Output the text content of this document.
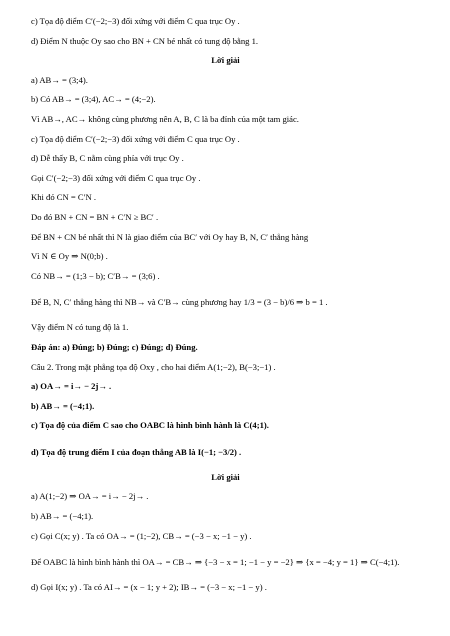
c) Tọa độ điểm C′(−2;−3) đối xứng với điểm C qua trục Oy .
d) Điểm N thuộc Oy sao cho BN + CN bé nhất có tung độ bằng 1.
Lời giải
a) AB→ = (3;4).
b) Có AB→ = (3;4), AC→ = (4;−2).
Vì AB→, AC→ không cùng phương nên A, B, C là ba đỉnh của một tam giác.
c) Tọa độ điểm C′(−2;−3) đối xứng với điểm C qua trục Oy .
d) Dễ thấy B, C nằm cùng phía với trục Oy .
Gọi C′(−2;−3) đối xứng với điểm C qua trục Oy .
Khi đó CN = C′N .
Do đó BN + CN = BN + C′N ≥ BC′ .
Để BN + CN bé nhất thì N là giao điểm của BC′ với Oy hay B, N, C′ thẳng hàng
Vì N ∈ Oy ⇒ N(0;b) .
Có NB→ = (1;3 − b); C′B→ = (3;6) .
Để B, N, C′ thẳng hàng thì NB→ và C′B→ cùng phương hay 1/3 = (3 − b)/6 ⇒ b = 1 .
Vậy điểm N có tung độ là 1.
Đáp án: a) Đúng; b) Đúng; c) Đúng; d) Đúng.
Câu 2. Trong mặt phẳng tọa độ Oxy , cho hai điểm A(1;−2), B(−3;−1) .
a) OA→ = i→ − 2j→ .
b) AB→ = (−4;1).
c) Tọa độ của điểm C sao cho OABC là hình bình hành là C(4;1).
d) Tọa độ trung điểm I của đoạn thẳng AB là I(−1; −3/2) .
Lời giải
a) A(1;−2) ⇒ OA→ = i→ − 2j→ .
b) AB→ = (−4;1).
c) Gọi C(x; y) . Ta có OA→ = (1;−2), CB→ = (−3 − x; −1 − y) .
Để OABC là hình bình hành thì OA→ = CB→ ⇒ {−3 − x = 1; −1 − y = −2} ⇒ {x = −4; y = 1} ⇒ C(−4;1).
d) Gọi I(x; y) . Ta có AI→ = (x − 1; y + 2); IB→ = (−3 − x; −1 − y) .
